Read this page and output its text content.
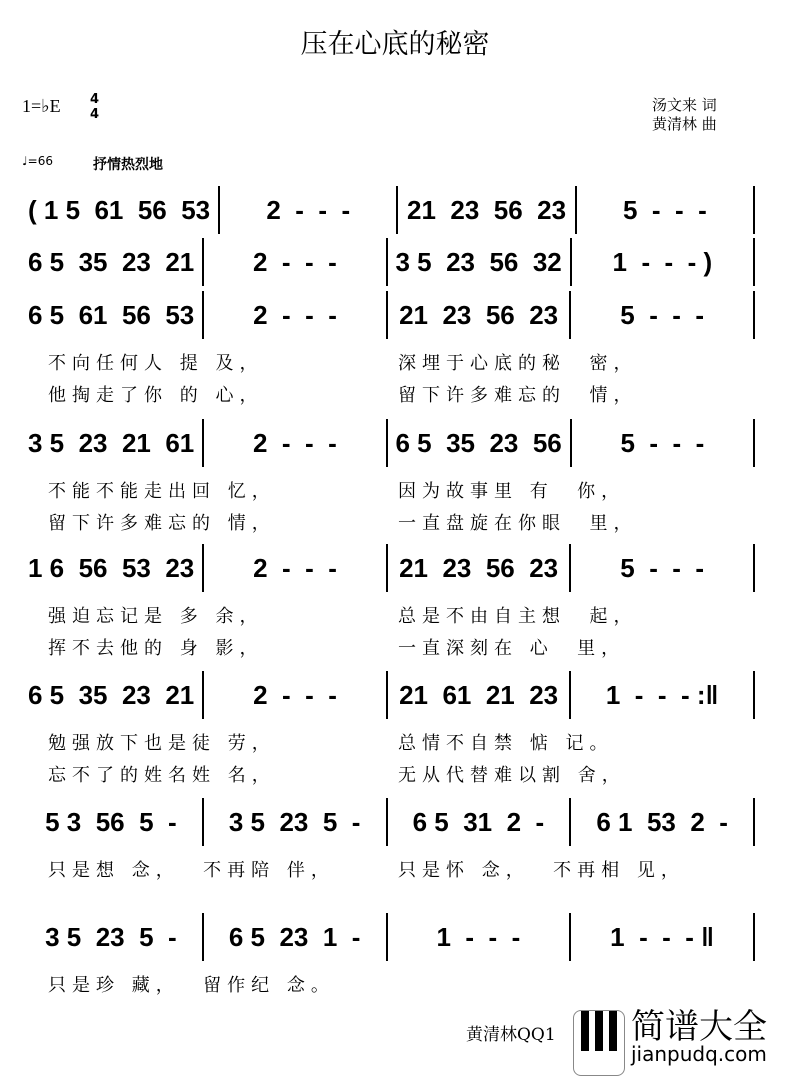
压在心底的秘密
1=♭E 4
4
汤文来 词
黄清林 曲
♩=66	抒情热烈地
( 1 5  61  56  53	2  -  -  -	21  23  56  23	5  -  -  -
6 5  35  23  21	2  -  -  -	3 5  23  56  32	1  -  -  - )
6 5  61  56  53	2  -  -  -	21  23  56  23	5  -  -  -
不向任何人 提 及，	深埋于心底的秘  密，
他掏走了你 的 心，	留下许多难忘的  情，
3 5  23  21  61	2  -  -  -	6 5  35  23  56	5  -  -  -
不能不能走出回 忆，	因为故事里 有  你，
留下许多难忘的 情，	一直盘旋在你眼  里，
1 6  56  53  23	2  -  -  -	21  23  56  23	5  -  -  -
强迫忘记是 多 余，	总是不由自主想  起，
挥不去他的 身 影，	一直深刻在 心  里，
6 5  35  23  21	2  -  -  -	21  61  21  23	1  -  -  - :‖
勉强放下也是徒 劳，	总情不自禁 惦 记。
忘不了的姓名姓 名，	无从代替难以割 舍，
5 3  56  5  -	3 5  23  5  -	6 5  31  2  -	6 1  53  2  -
只是想 念，  不再陪 伴，	只是怀 念，  不再相 见，
3 5  23  5  -	6 5  23  1  -	1  -  -  -	1  -  -  - ‖
只是珍 藏，  留作纪 念。
黄清林QQ1 简谱大全
jianpudq.com
